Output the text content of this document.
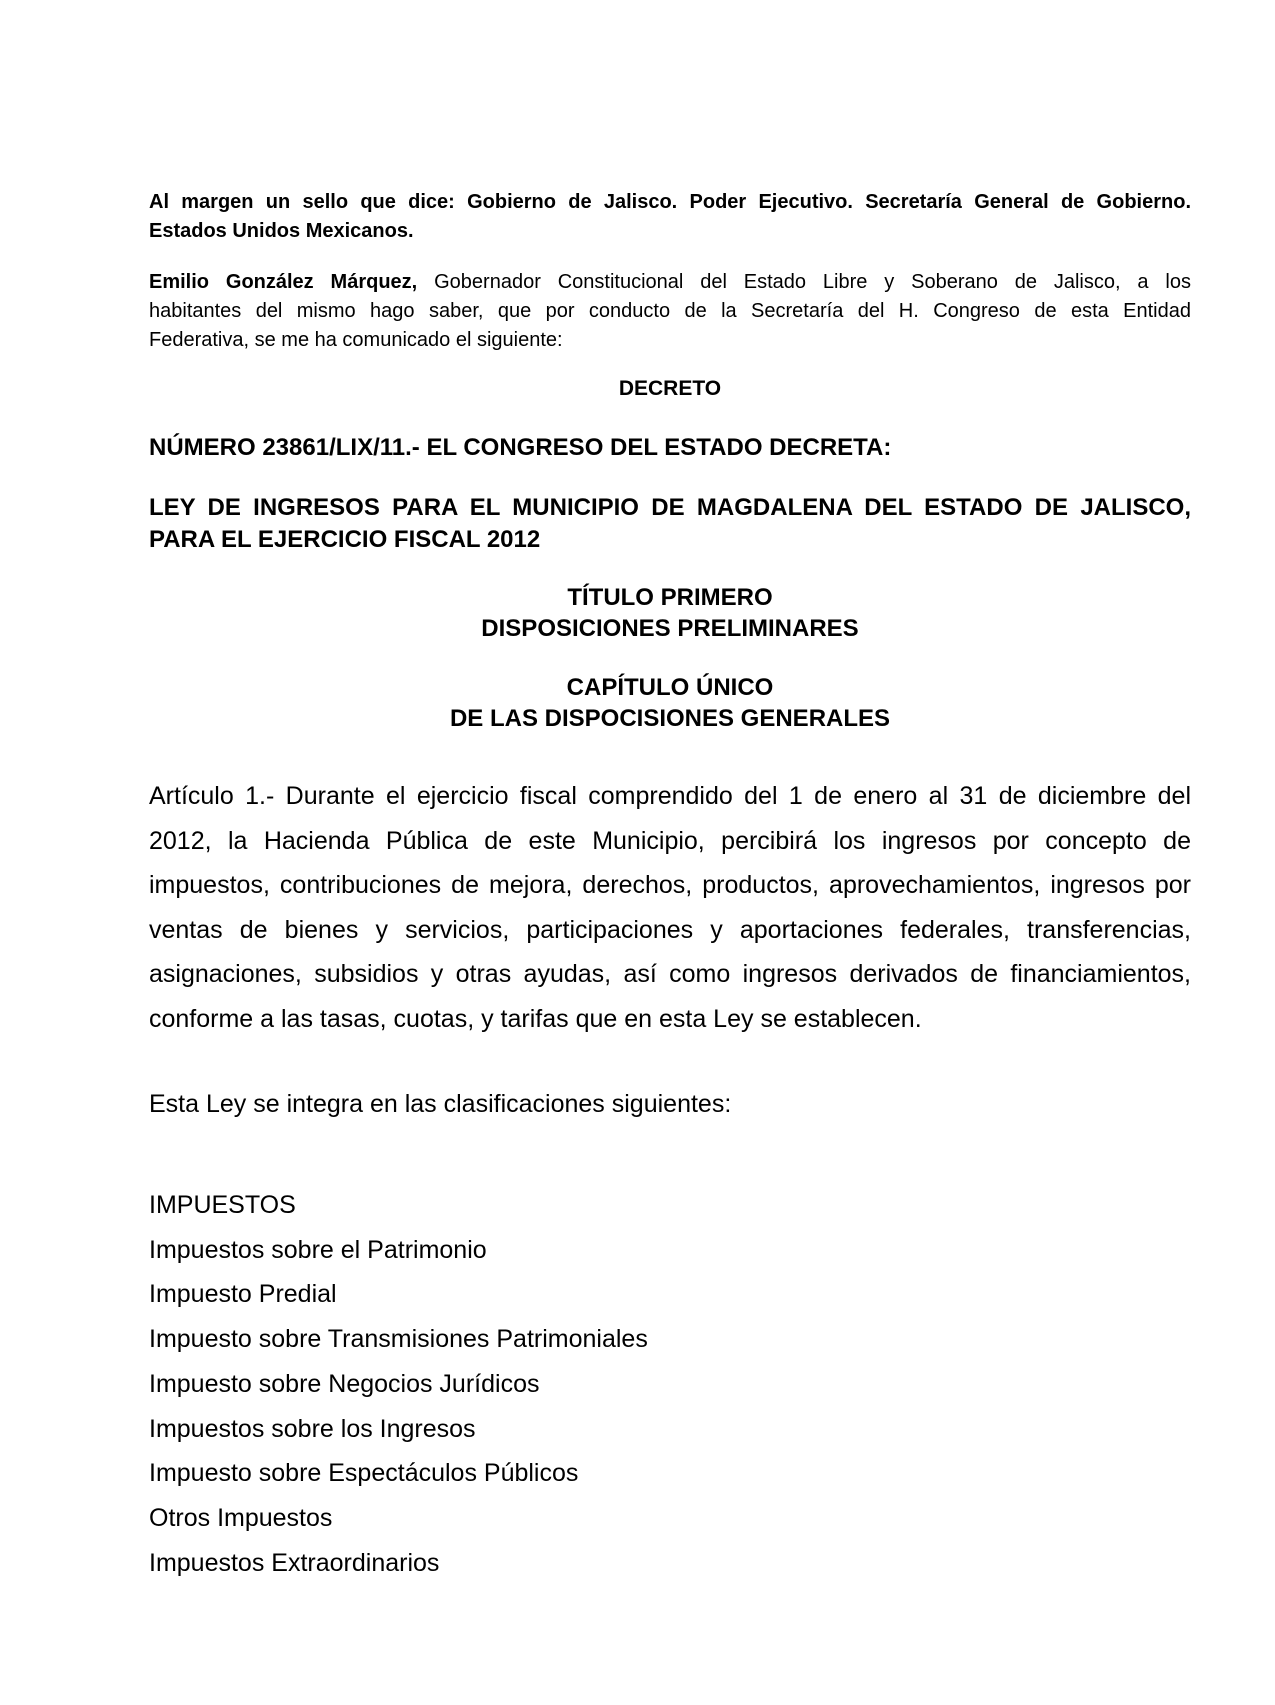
Al margen un sello que dice: Gobierno de Jalisco. Poder Ejecutivo. Secretaría General de Gobierno.
Estados Unidos Mexicanos.
Emilio González Márquez, Gobernador Constitucional del Estado Libre y Soberano de Jalisco, a los
habitantes del mismo hago saber, que por conducto de la Secretaría del H. Congreso de esta Entidad
Federativa, se me ha comunicado el siguiente:
DECRETO
NÚMERO 23861/LIX/11.- EL CONGRESO DEL ESTADO DECRETA:
LEY DE INGRESOS PARA EL MUNICIPIO DE MAGDALENA DEL ESTADO DE JALISCO,
PARA EL EJERCICIO FISCAL 2012
TÍTULO PRIMERO
DISPOSICIONES PRELIMINARES
CAPÍTULO ÚNICO
DE LAS DISPOCISIONES GENERALES
Artículo 1.- Durante el ejercicio fiscal comprendido del 1 de enero al 31 de diciembre del
2012, la Hacienda Pública de este Municipio, percibirá los ingresos por concepto de
impuestos, contribuciones de mejora, derechos, productos, aprovechamientos, ingresos por
ventas de bienes y servicios, participaciones y aportaciones federales, transferencias,
asignaciones, subsidios y otras ayudas, así como ingresos derivados de financiamientos,
conforme a las tasas, cuotas, y tarifas que en esta Ley se establecen.
Esta Ley se integra en las clasificaciones siguientes:
IMPUESTOS
Impuestos sobre el Patrimonio
Impuesto Predial
Impuesto sobre Transmisiones Patrimoniales
Impuesto sobre Negocios Jurídicos
Impuestos sobre los Ingresos
Impuesto sobre Espectáculos Públicos
Otros Impuestos
Impuestos Extraordinarios
